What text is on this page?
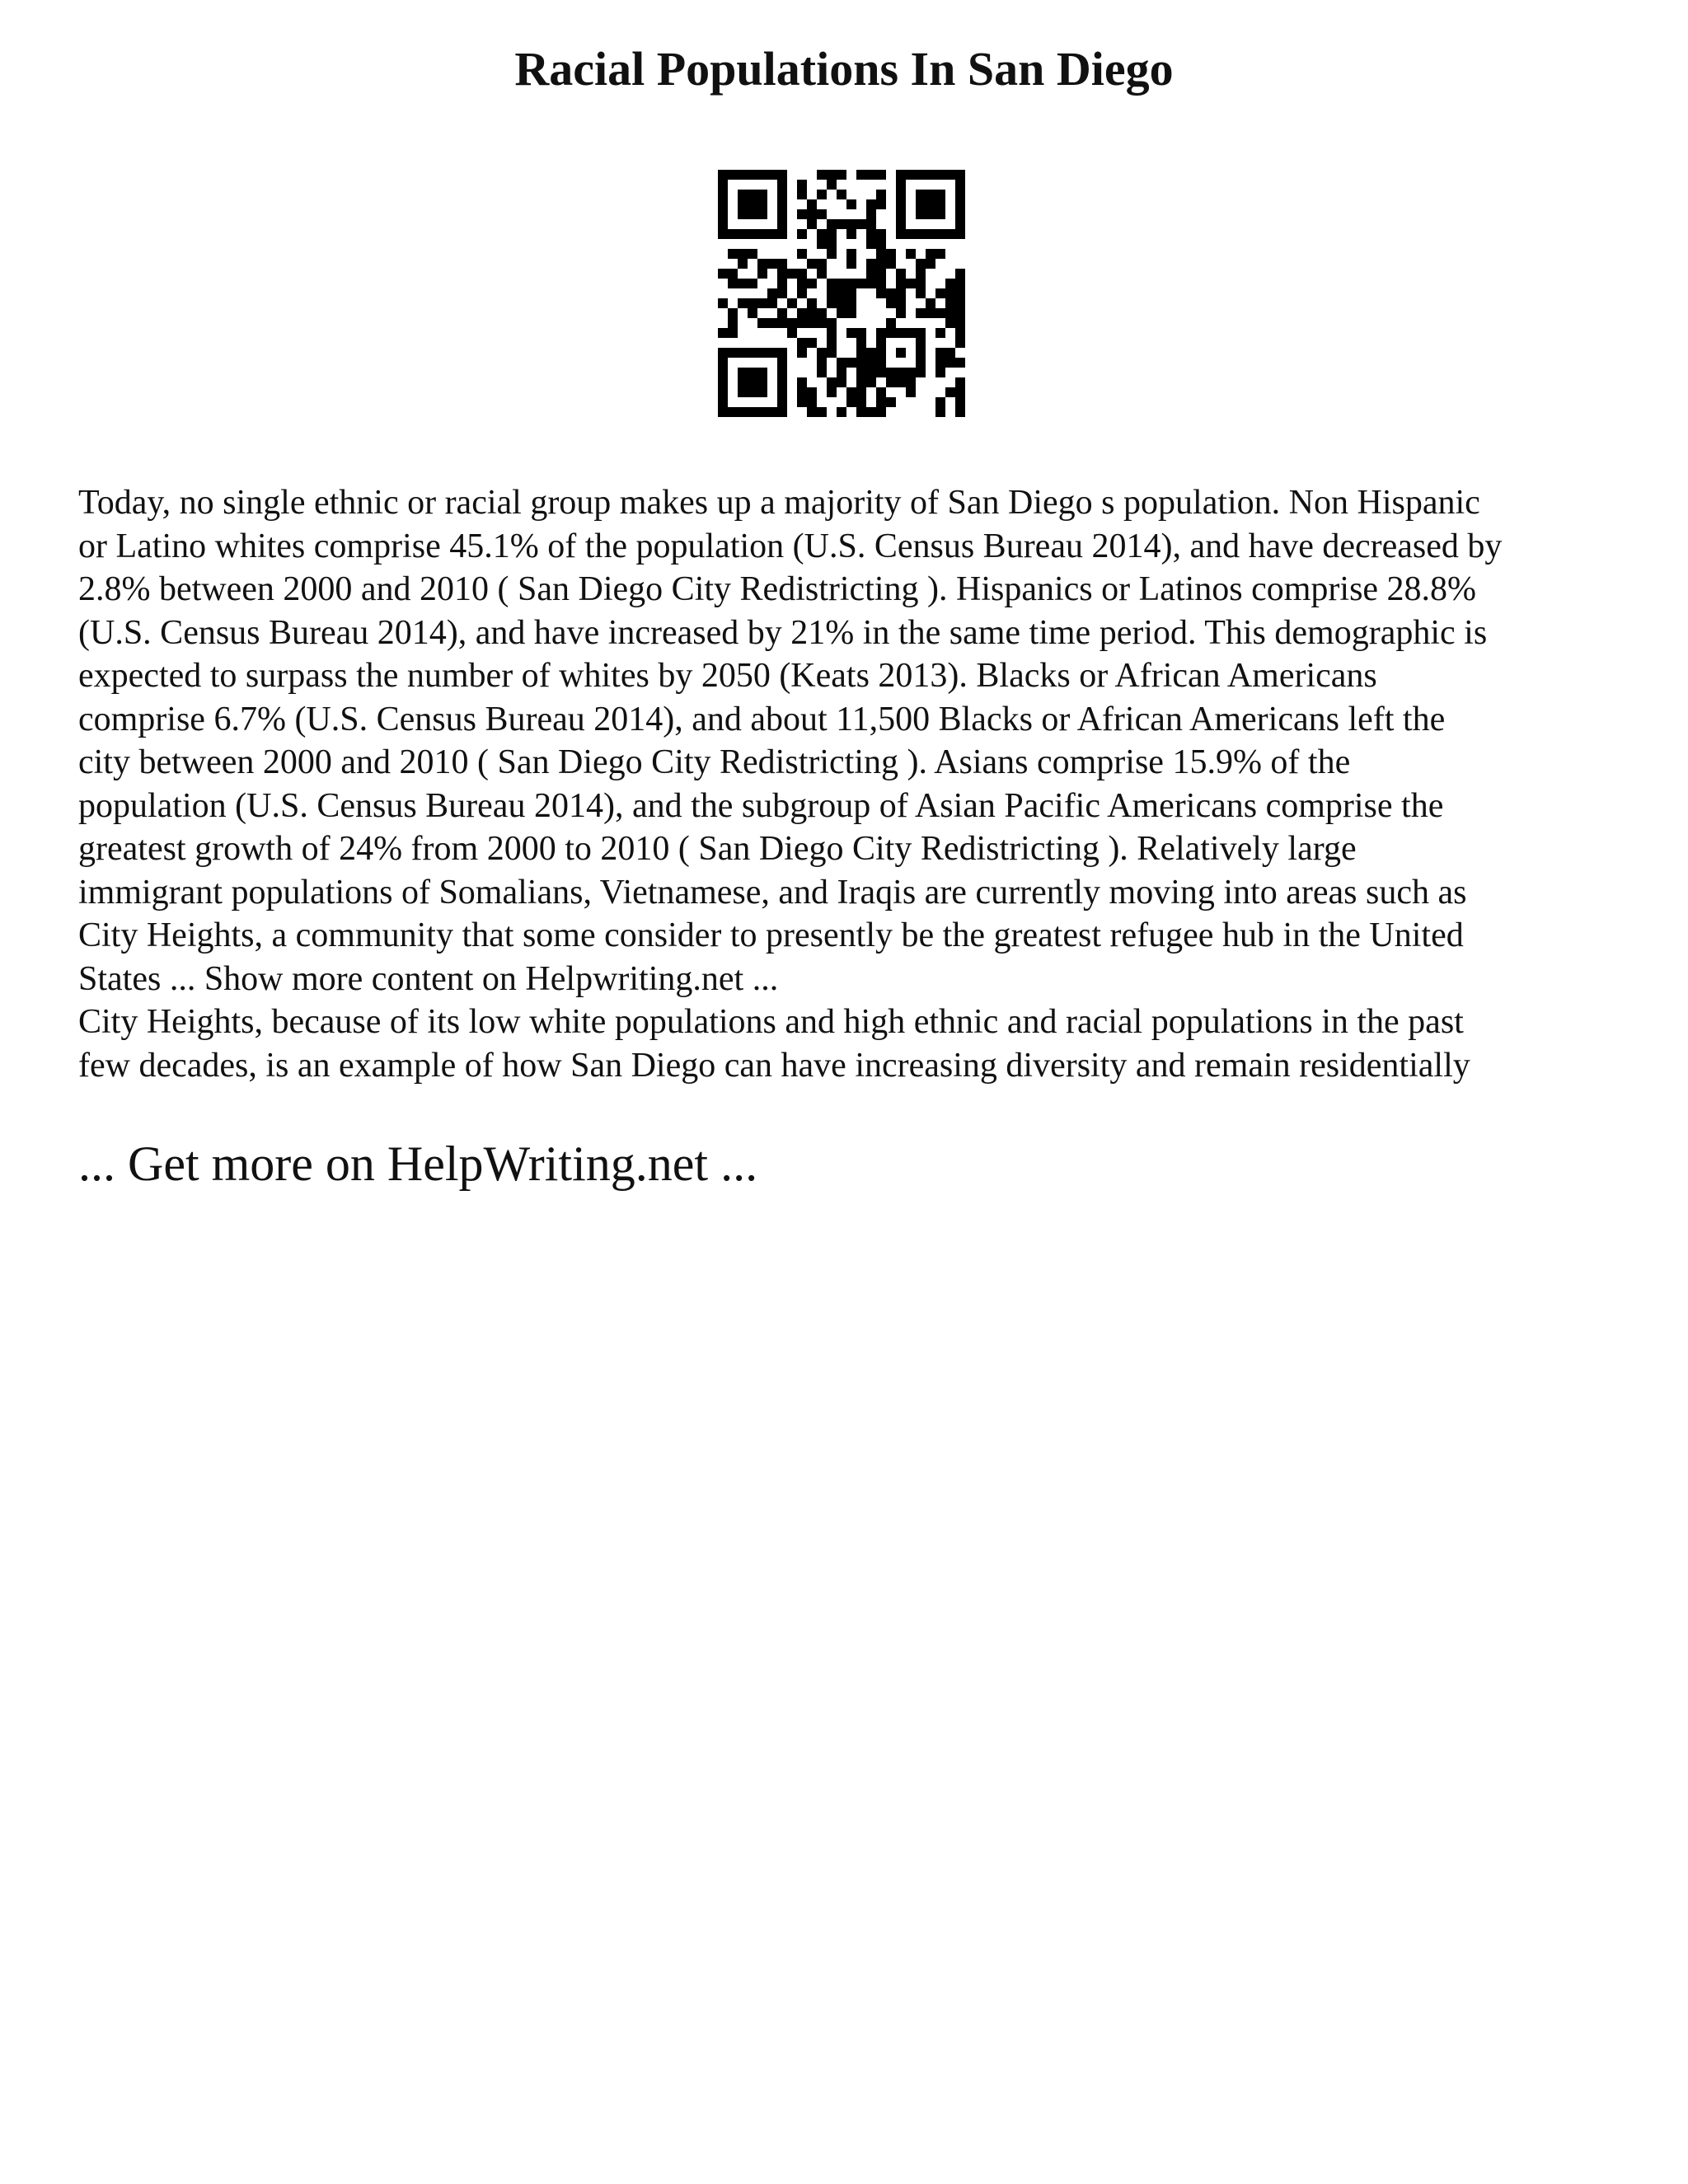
Racial Populations In San Diego

Today, no single ethnic or racial group makes up a majority of San Diego s population. Non Hispanic
or Latino whites comprise 45.1% of the population (U.S. Census Bureau 2014), and have decreased by
2.8% between 2000 and 2010 ( San Diego City Redistricting ). Hispanics or Latinos comprise 28.8%
(U.S. Census Bureau 2014), and have increased by 21% in the same time period. This demographic is
expected to surpass the number of whites by 2050 (Keats 2013). Blacks or African Americans
comprise 6.7% (U.S. Census Bureau 2014), and about 11,500 Blacks or African Americans left the
city between 2000 and 2010 ( San Diego City Redistricting ). Asians comprise 15.9% of the
population (U.S. Census Bureau 2014), and the subgroup of Asian Pacific Americans comprise the
greatest growth of 24% from 2000 to 2010 ( San Diego City Redistricting ). Relatively large
immigrant populations of Somalians, Vietnamese, and Iraqis are currently moving into areas such as
City Heights, a community that some consider to presently be the greatest refugee hub in the United
States ... Show more content on Helpwriting.net ...

City Heights, because of its low white populations and high ethnic and racial populations in the past
few decades, is an example of how San Diego can have increasing diversity and remain residentially

... Get more on HelpWriting.net ...
